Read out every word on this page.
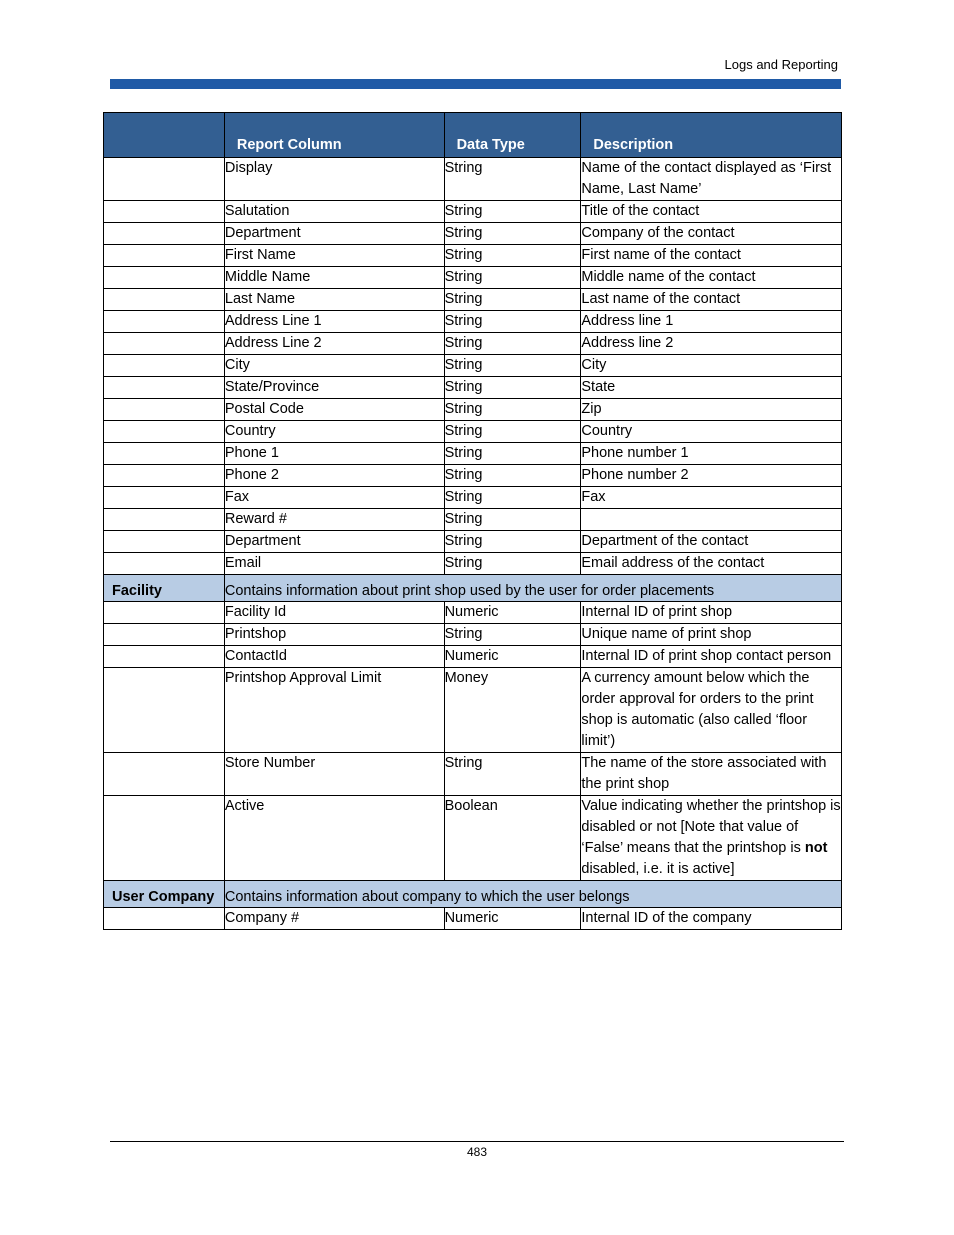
Logs and Reporting
	Report Column	Data Type	Description
	Display	String	Name of the contact displayed as ‘First Name, Last Name’
	Salutation	String	Title of the contact
	Department	String	Company of the contact
	First Name	String	First name of the contact
	Middle Name	String	Middle name of the contact
	Last Name	String	Last name of the contact
	Address Line 1	String	Address line 1
	Address Line 2	String	Address line 2
	City	String	City
	State/Province	String	State
	Postal Code	String	Zip
	Country	String	Country
	Phone 1	String	Phone number 1
	Phone 2	String	Phone number 2
	Fax	String	Fax
	Reward #	String	
	Department	String	Department of the contact
	Email	String	Email address of the contact
Facility	Contains information about print shop used by the user for order placements		
	Facility Id	Numeric	Internal ID of print shop
	Printshop	String	Unique name of print shop
	ContactId	Numeric	Internal ID of print shop contact person
	Printshop Approval Limit	Money	A currency amount below which the order approval for orders to the print shop is automatic (also called ‘floor limit’)
	Store Number	String	The name of the store associated with the print shop
	Active	Boolean	Value indicating whether the printshop is disabled or not [Note that value of ‘False’ means that the printshop is not disabled, i.e. it is active]
User Company	Contains information about company to which the user belongs		
	Company #	Numeric	Internal ID of the company
483
